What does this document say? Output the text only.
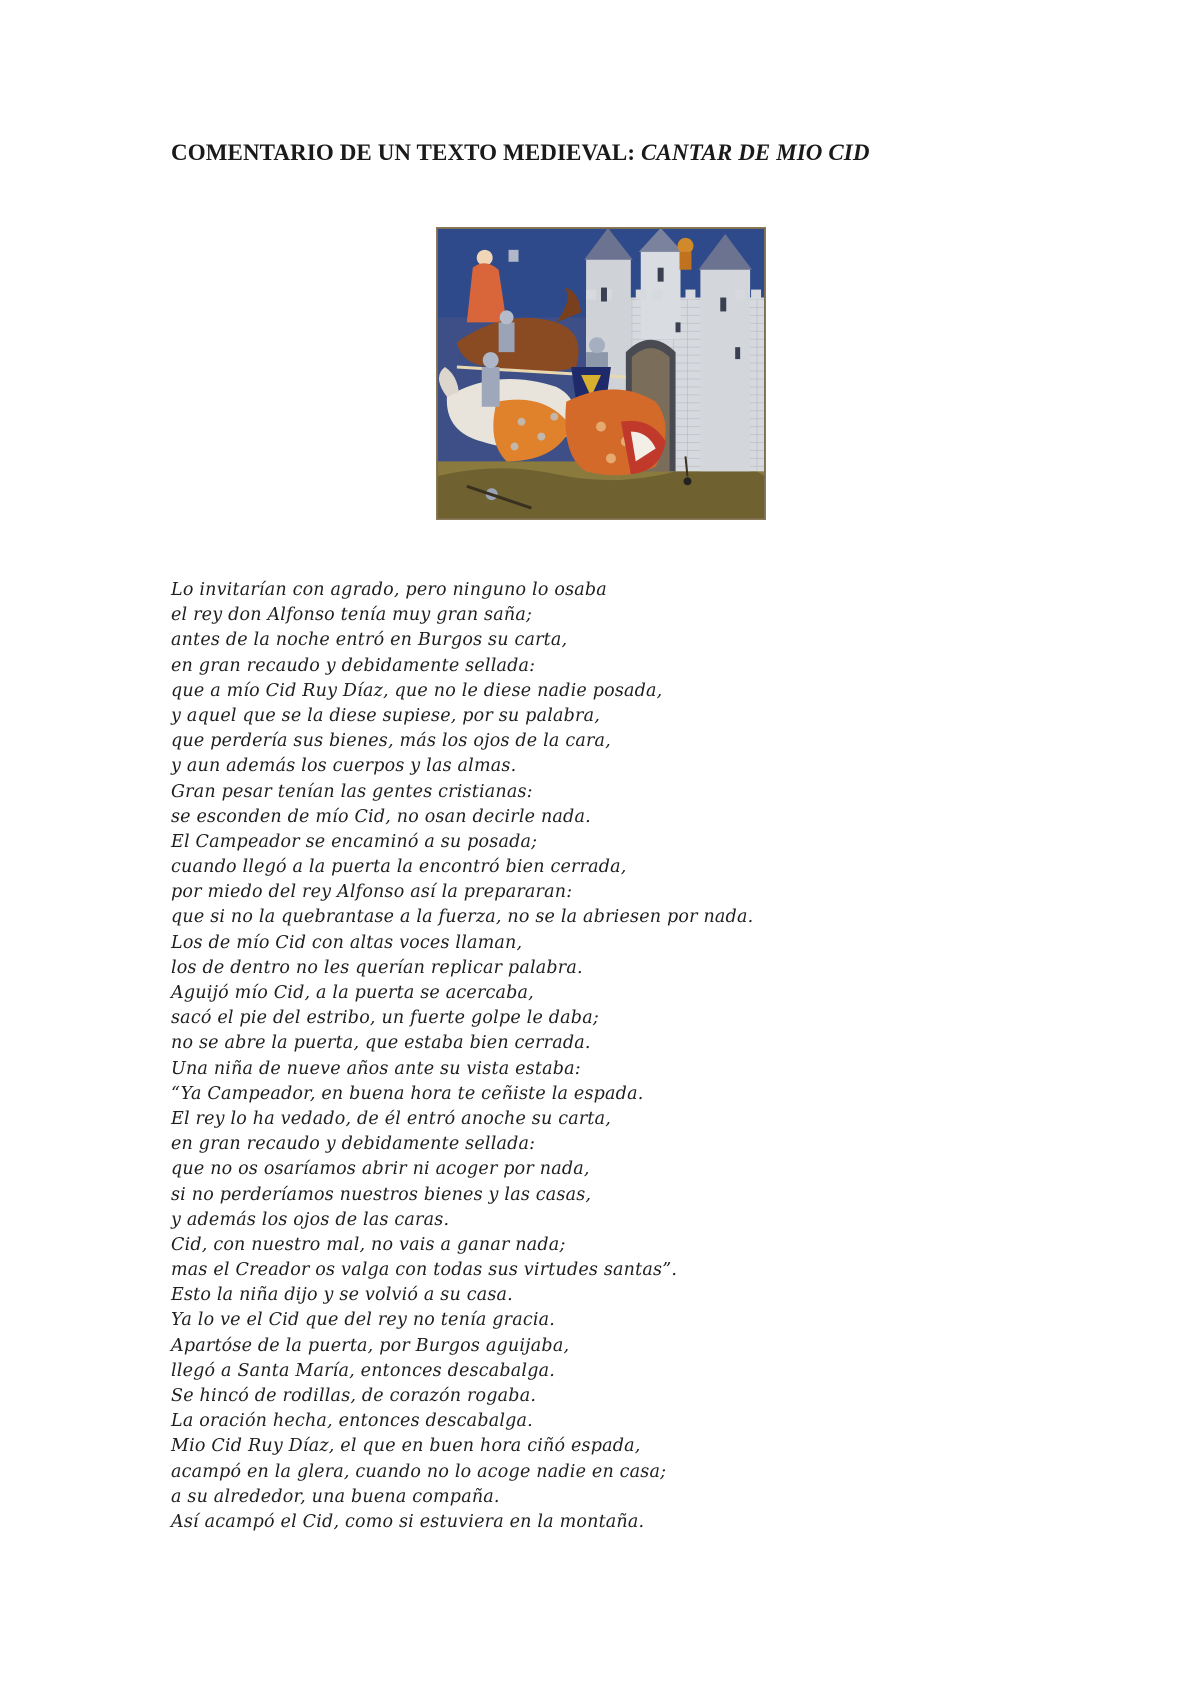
COMENTARIO DE UN TEXTO MEDIEVAL: CANTAR DE MIO CID
Lo invitarían con agrado, pero ninguno lo osaba
el rey don Alfonso tenía muy gran saña;
antes de la noche entró en Burgos su carta,
en gran recaudo y debidamente sellada:
que a mío Cid Ruy Díaz, que no le diese nadie posada,
y aquel que se la diese supiese, por su palabra,
que perdería sus bienes, más los ojos de la cara,
y aun además los cuerpos y las almas.
Gran pesar tenían las gentes cristianas:
se esconden de mío Cid, no osan decirle nada.
El Campeador se encaminó a su posada;
cuando llegó a la puerta la encontró bien cerrada,
por miedo del rey Alfonso así la prepararan:
que si no la quebrantase a la fuerza, no se la abriesen por nada.
Los de mío Cid con altas voces llaman,
los de dentro no les querían replicar palabra.
Aguijó mío Cid, a la puerta se acercaba,
sacó el pie del estribo, un fuerte golpe le daba;
no se abre la puerta, que estaba bien cerrada.
Una niña de nueve años ante su vista estaba:
“Ya Campeador, en buena hora te ceñiste la espada.
El rey lo ha vedado, de él entró anoche su carta,
en gran recaudo y debidamente sellada:
que no os osaríamos abrir ni acoger por nada,
si no perderíamos nuestros bienes y las casas,
y además los ojos de las caras.
Cid, con nuestro mal, no vais a ganar nada;
mas el Creador os valga con todas sus virtudes santas”.
Esto la niña dijo y se volvió a su casa.
Ya lo ve el Cid que del rey no tenía gracia.
Apartóse de la puerta, por Burgos aguijaba,
llegó a Santa María, entonces descabalga.
Se hincó de rodillas, de corazón rogaba.
La oración hecha, entonces descabalga.
Mio Cid Ruy Díaz, el que en buen hora ciñó espada,
acampó en la glera, cuando no lo acoge nadie en casa;
a su alrededor, una buena compaña.
Así acampó el Cid, como si estuviera en la montaña.
